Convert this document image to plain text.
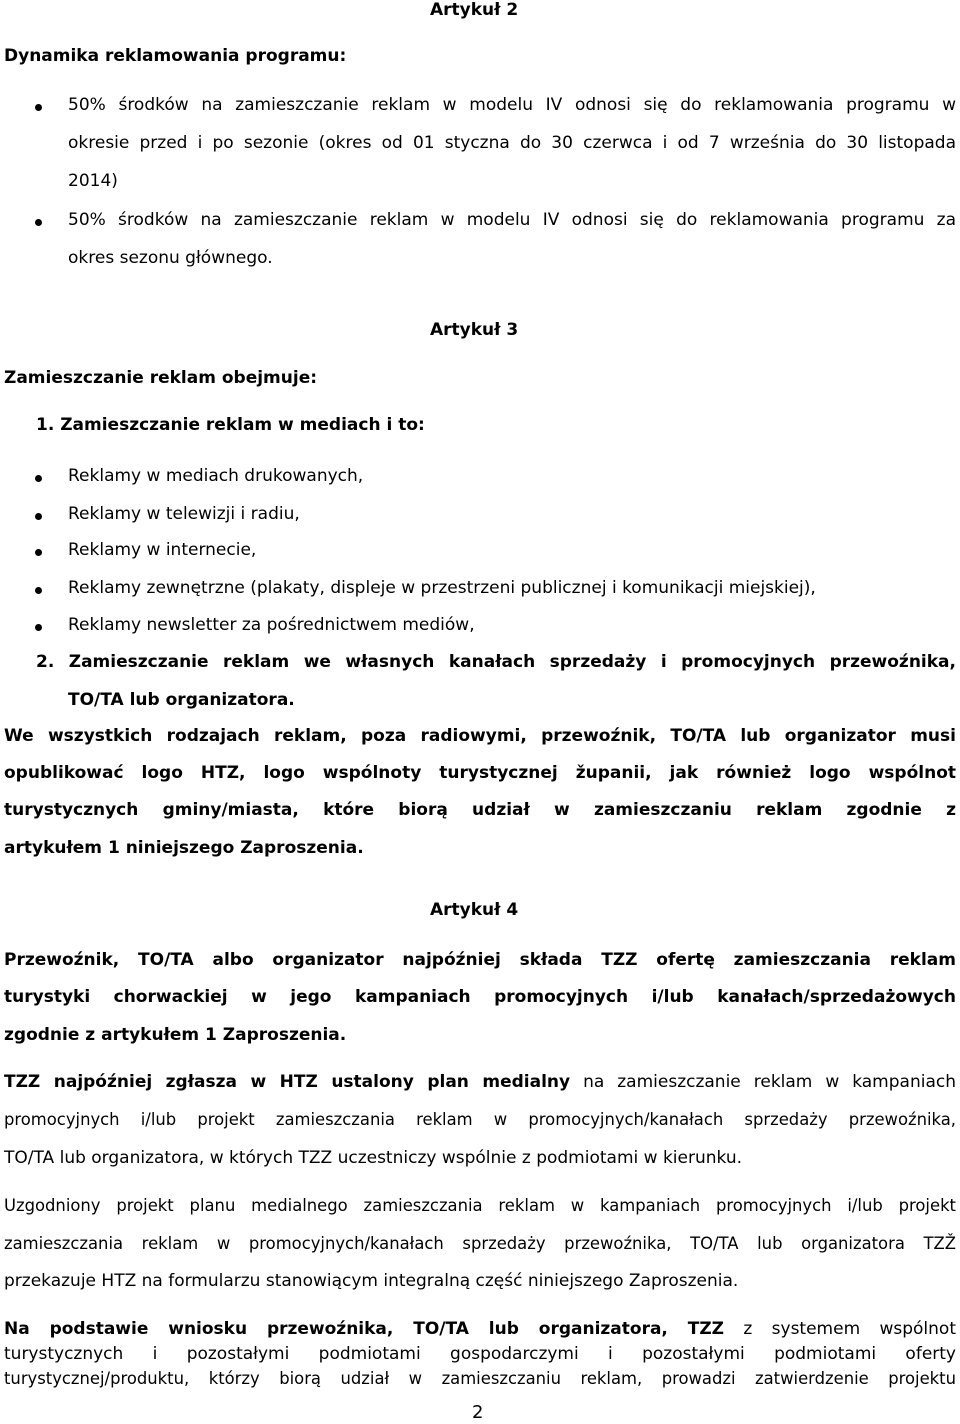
Artykuł 2
Dynamika reklamowania programu:
50% środków na zamieszczanie reklam w modelu IV odnosi się do reklamowania programu w
okresie przed i po sezonie (okres od 01 styczna do 30 czerwca i od 7 września do 30 listopada
2014)
50% środków na zamieszczanie reklam w modelu IV odnosi się do reklamowania programu za
okres sezonu głównego.
Artykuł 3
Zamieszczanie reklam obejmuje:
1. Zamieszczanie reklam w mediach i to:
Reklamy w mediach drukowanych,
Reklamy w telewizji i radiu,
Reklamy w internecie,
Reklamy zewnętrzne (plakaty, displeje w przestrzeni publicznej i komunikacji miejskiej),
Reklamy newsletter za pośrednictwem mediów,
2. Zamieszczanie reklam we własnych kanałach sprzedaży i promocyjnych przewoźnika,
TO/TA lub organizatora.
We wszystkich rodzajach reklam, poza radiowymi, przewoźnik, TO/TA lub organizator musi
opublikować logo HTZ, logo wspólnoty turystycznej županii, jak również logo wspólnot
turystycznych gminy/miasta, które biorą udział w zamieszczaniu reklam zgodnie z
artykułem 1 niniejszego Zaproszenia.
Artykuł 4
Przewoźnik, TO/TA albo organizator najpóźniej składa TZZ ofertę zamieszczania reklam
turystyki chorwackiej w jego kampaniach promocyjnych i/lub kanałach/sprzedażowych
zgodnie z artykułem 1 Zaproszenia.
TZZ najpóźniej zgłasza w HTZ ustalony plan medialny na zamieszczanie reklam w kampaniach
promocyjnych i/lub projekt zamieszczania reklam w promocyjnych/kanałach sprzedaży przewoźnika,
TO/TA lub organizatora, w których TZZ uczestniczy wspólnie z podmiotami w kierunku.
Uzgodniony projekt planu medialnego zamieszczania reklam w kampaniach promocyjnych i/lub projekt
zamieszczania reklam w promocyjnych/kanałach sprzedaży przewoźnika, TO/TA lub organizatora TZŽ
przekazuje HTZ na formularzu stanowiącym integralną część niniejszego Zaproszenia.
Na podstawie wniosku przewoźnika, TO/TA lub organizatora, TZZ z systemem wspólnot
turystycznych i pozostałymi podmiotami gospodarczymi i pozostałymi podmiotami oferty
turystycznej/produktu, którzy biorą udział w zamieszczaniu reklam, prowadzi zatwierdzenie projektu
2
